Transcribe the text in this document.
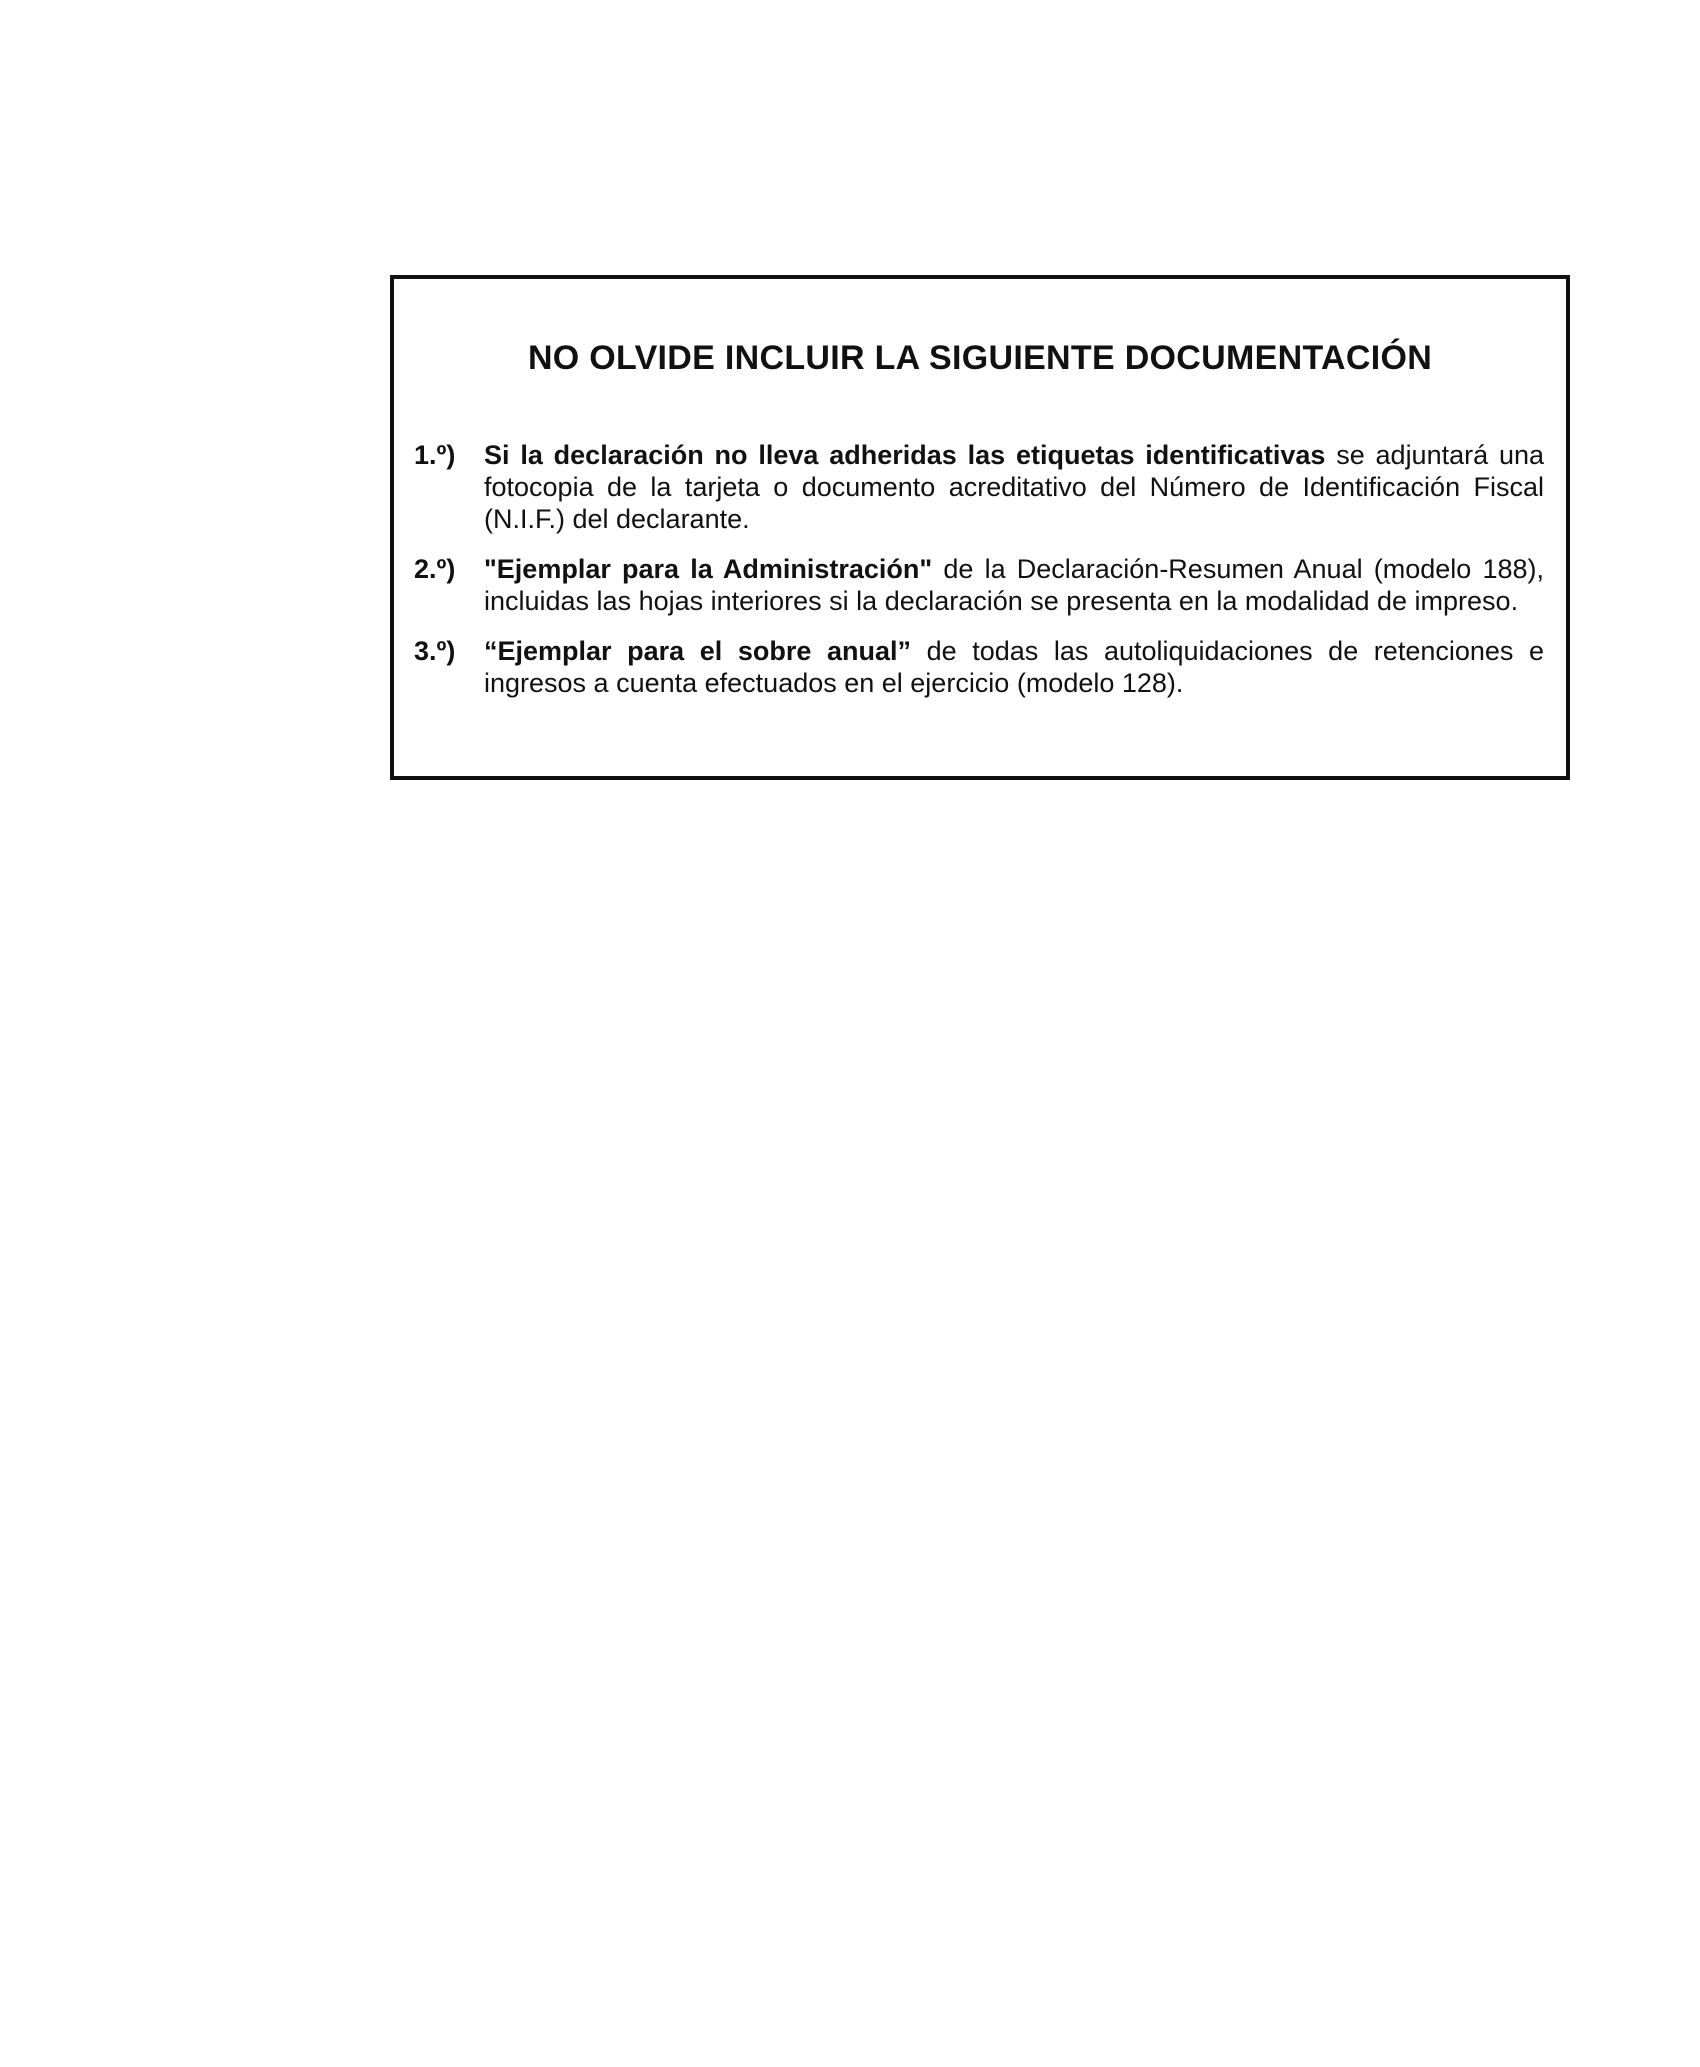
NO OLVIDE INCLUIR LA SIGUIENTE DOCUMENTACIÓN
1.º)	Si la declaración no lleva adheridas las etiquetas identificativas se adjuntará una fotocopia de la tarjeta o documento acreditativo del Número de Identificación Fiscal (N.I.F.) del declarante.
2.º)	"Ejemplar para la Administración" de la Declaración-Resumen Anual (modelo 188), incluidas las hojas interiores si la declaración se presenta en la modalidad de impreso.
3.º)	“Ejemplar para el sobre anual” de todas las autoliquidaciones de retenciones e ingresos a cuenta efectuados en el ejercicio (modelo 128).
